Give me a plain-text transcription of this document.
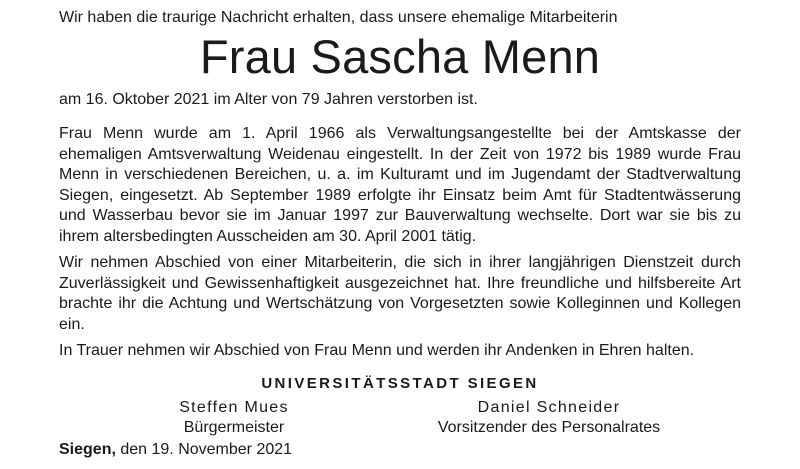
Wir haben die traurige Nachricht erhalten, dass unsere ehemalige Mitarbeiterin

Frau Sascha Menn

am 16. Oktober 2021 im Alter von 79 Jahren verstorben ist.

Frau Menn wurde am 1. April 1966 als Verwaltungsangestellte bei der Amtskasse der ehemaligen Amtsverwaltung Weidenau eingestellt. In der Zeit von 1972 bis 1989 wurde Frau Menn in verschiedenen Bereichen, u. a. im Kulturamt und im Jugendamt der Stadtverwaltung Siegen, eingesetzt. Ab September 1989 erfolgte ihr Einsatz beim Amt für Stadtentwässerung und Wasserbau bevor sie im Januar 1997 zur Bauverwaltung wechselte. Dort war sie bis zu ihrem altersbedingten Ausscheiden am 30. April 2001 tätig.

Wir nehmen Abschied von einer Mitarbeiterin, die sich in ihrer langjährigen Dienstzeit durch Zuverlässigkeit und Gewissenhaftigkeit ausgezeichnet hat. Ihre freundliche und hilfsbereite Art brachte ihr die Achtung und Wertschätzung von Vorgesetzten sowie Kolleginnen und Kollegen ein.

In Trauer nehmen wir Abschied von Frau Menn und werden ihr Andenken in Ehren halten.

UNIVERSITÄTSSTADT SIEGEN
Steffen Mues
Bürgermeister
Daniel Schneider
Vorsitzender des Personalrates
Siegen, den 19. November 2021
